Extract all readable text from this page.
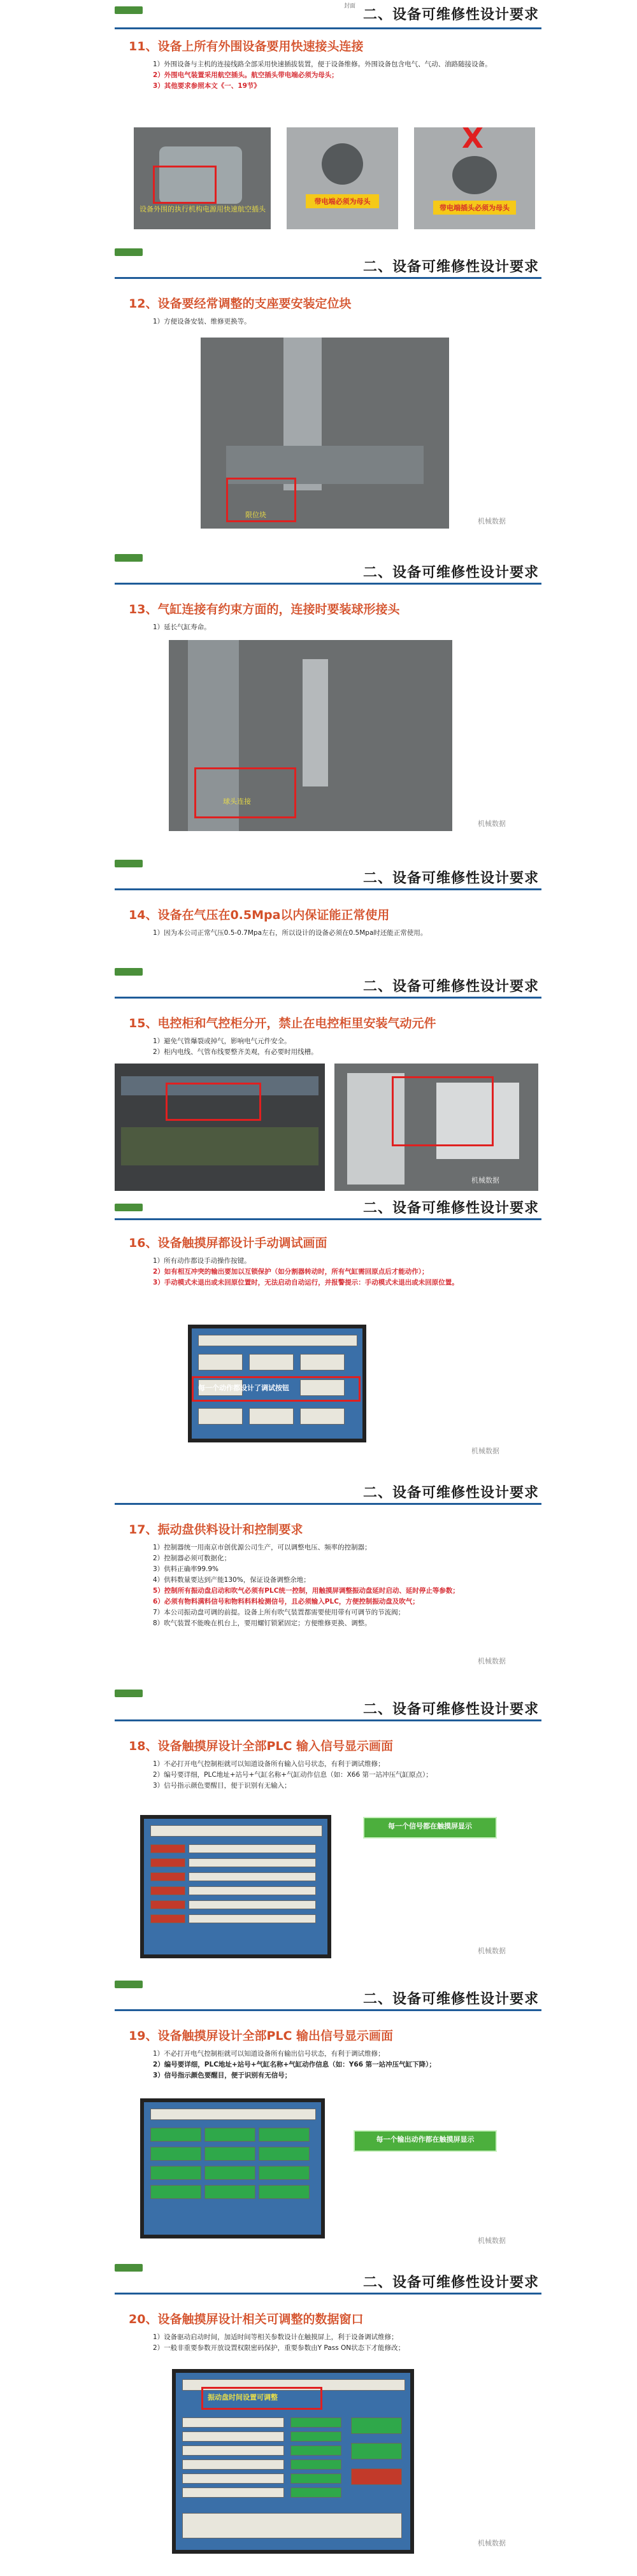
封面 二、设备可维修性设计要求
11、设备上所有外围设备要用快速接头连接

1）外围设备与主机的连接线路全部采用快速插拔装置，便于设备维修。外围设备包含电气、气动、油路随接设备。

2）外围电气装置采用航空插头。航空插头带电端必须为母头；

3）其他要求参照本文《一、19节》

设备外围的执行机构电源用快速航空插头
带电端必须为母头
X
带电端插头必须为母头
二、设备可维修性设计要求
12、设备要经常调整的支座要安装定位块

1）方便设备安装、维修更换等。

限位块
机械数据
二、设备可维修性设计要求
13、气缸连接有约束方面的，连接时要装球形接头

1）延长气缸寿命。

球头连接
机械数据
二、设备可维修性设计要求
14、设备在气压在0.5Mpa以内保证能正常使用

1）因为本公司正常气压0.5-0.7Mpa左右，所以设计的设备必须在0.5Mpa时还能正常使用。

二、设备可维修性设计要求
15、电控柜和气控柜分开，禁止在电控柜里安装气动元件

1）避免气管爆裂或掉气，影响电气元件安全。

2）柜内电线、气管布线要整齐美观，有必要时用线槽。

机械数据
二、设备可维修性设计要求
16、设备触摸屏都设计手动调试画面

1）所有动作都设手动操作按键。

2）如有相互冲突的输出要加以互锁保护（如分割器转动时，所有气缸需回原点后才能动作）；

3）手动模式未退出或未回原位置时，无法启动自动运行，并报警提示：手动模式未退出或未回原位置。

每一个动作都设计了调试按钮
机械数据
二、设备可维修性设计要求
17、振动盘供料设计和控制要求

1）控制器统一用南京市创优源公司生产，可以调整电压、频率的控制器；

2）控制器必须可数据化；

3）供料正确率99.9%

4）供料数量要达到产能130%，保证设备调整余地；

5）控制所有振动盘启动和吹气必须有PLC统一控制，用触摸屏调整振动盘延时启动、延时停止等参数；

6）必须有物料满料信号和物料料料检测信号，且必须输入PLC，方便控制振动盘及吹气；

7）本公司振动盘可调的前提。设备上所有吹气装置都需要使用带有可调节的节流阀；

8）吹气装置不能晚在机台上，要用螺钉锁紧固定；方便维修更换、调整。

机械数据
二、设备可维修性设计要求
18、设备触摸屏设计全部PLC 输入信号显示画面

1）不必打开电气控制柜就可以知道设备所有输入信号状态，有利于调试维修；

2）编号要详细，PLC地址+站号+气缸名称+气缸动作信息（如：X66 第一站冲压气缸原点）；

3）信号指示颜色要醒目，便于识别有无输入；

每一个信号都在触摸屏显示
机械数据
二、设备可维修性设计要求
19、设备触摸屏设计全部PLC 输出信号显示画面

1）不必打开电气控制柜就可以知道设备所有输出信号状态，有利于调试维修；

2）编号要详细，PLC地址+站号+气缸名称+气缸动作信息（如：Y66 第一站冲压气缸下降）；

3）信号指示颜色要醒目，便于识别有无信号；

每一个输出动作都在触摸屏显示
机械数据
二、设备可维修性设计要求
20、设备触摸屏设计相关可调整的数据窗口

1）设备驱动启动时间，加适时间等相关参数设计在触摸屏上，利于设备调试维修；

2）一般非重要参数开放设置权限密码保护，重要参数由Y Pass ON状态下才能修改；

振动盘时间设置可调整
机械数据
